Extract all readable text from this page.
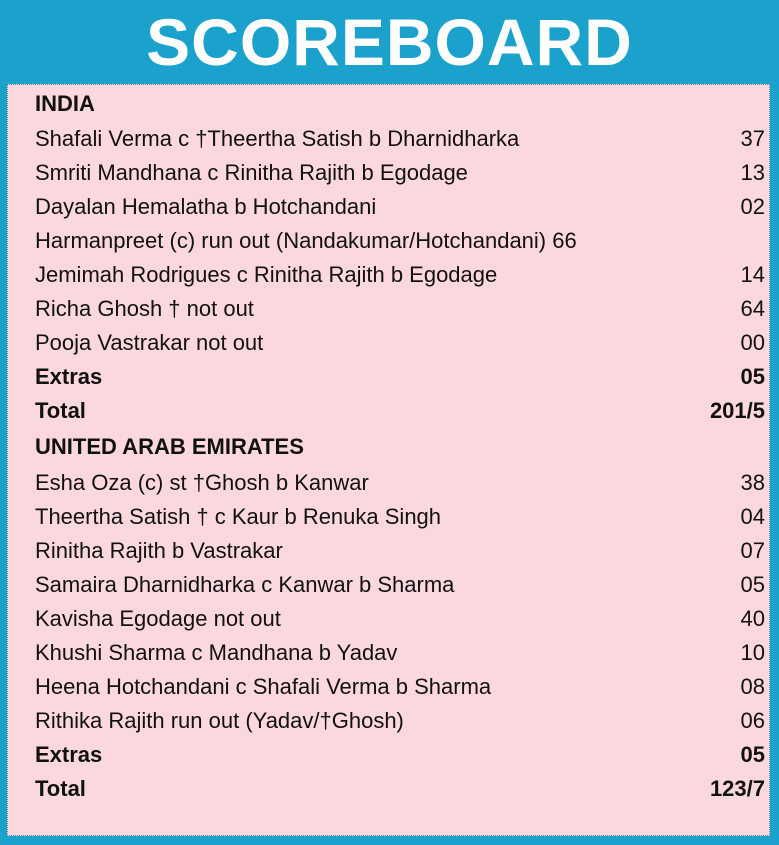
SCOREBOARD
INDIA
Shafali Verma c †Theertha Satish b Dharnidharka	37
Smriti Mandhana c Rinitha Rajith b Egodage	13
Dayalan Hemalatha b Hotchandani	02
Harmanpreet (c) run out (Nandakumar/Hotchandani) 66
Jemimah Rodrigues c Rinitha Rajith b Egodage	14
Richa Ghosh † not out	64
Pooja Vastrakar not out	00
Extras	05
Total	201/5
UNITED ARAB EMIRATES
Esha Oza (c) st †Ghosh b Kanwar	38
Theertha Satish † c Kaur b Renuka Singh	04
Rinitha Rajith b Vastrakar	07
Samaira Dharnidharka c Kanwar b Sharma	05
Kavisha Egodage not out	40
Khushi Sharma c Mandhana b Yadav	10
Heena Hotchandani c Shafali Verma b Sharma	08
Rithika Rajith run out (Yadav/†Ghosh)	06
Extras	05
Total	123/7
